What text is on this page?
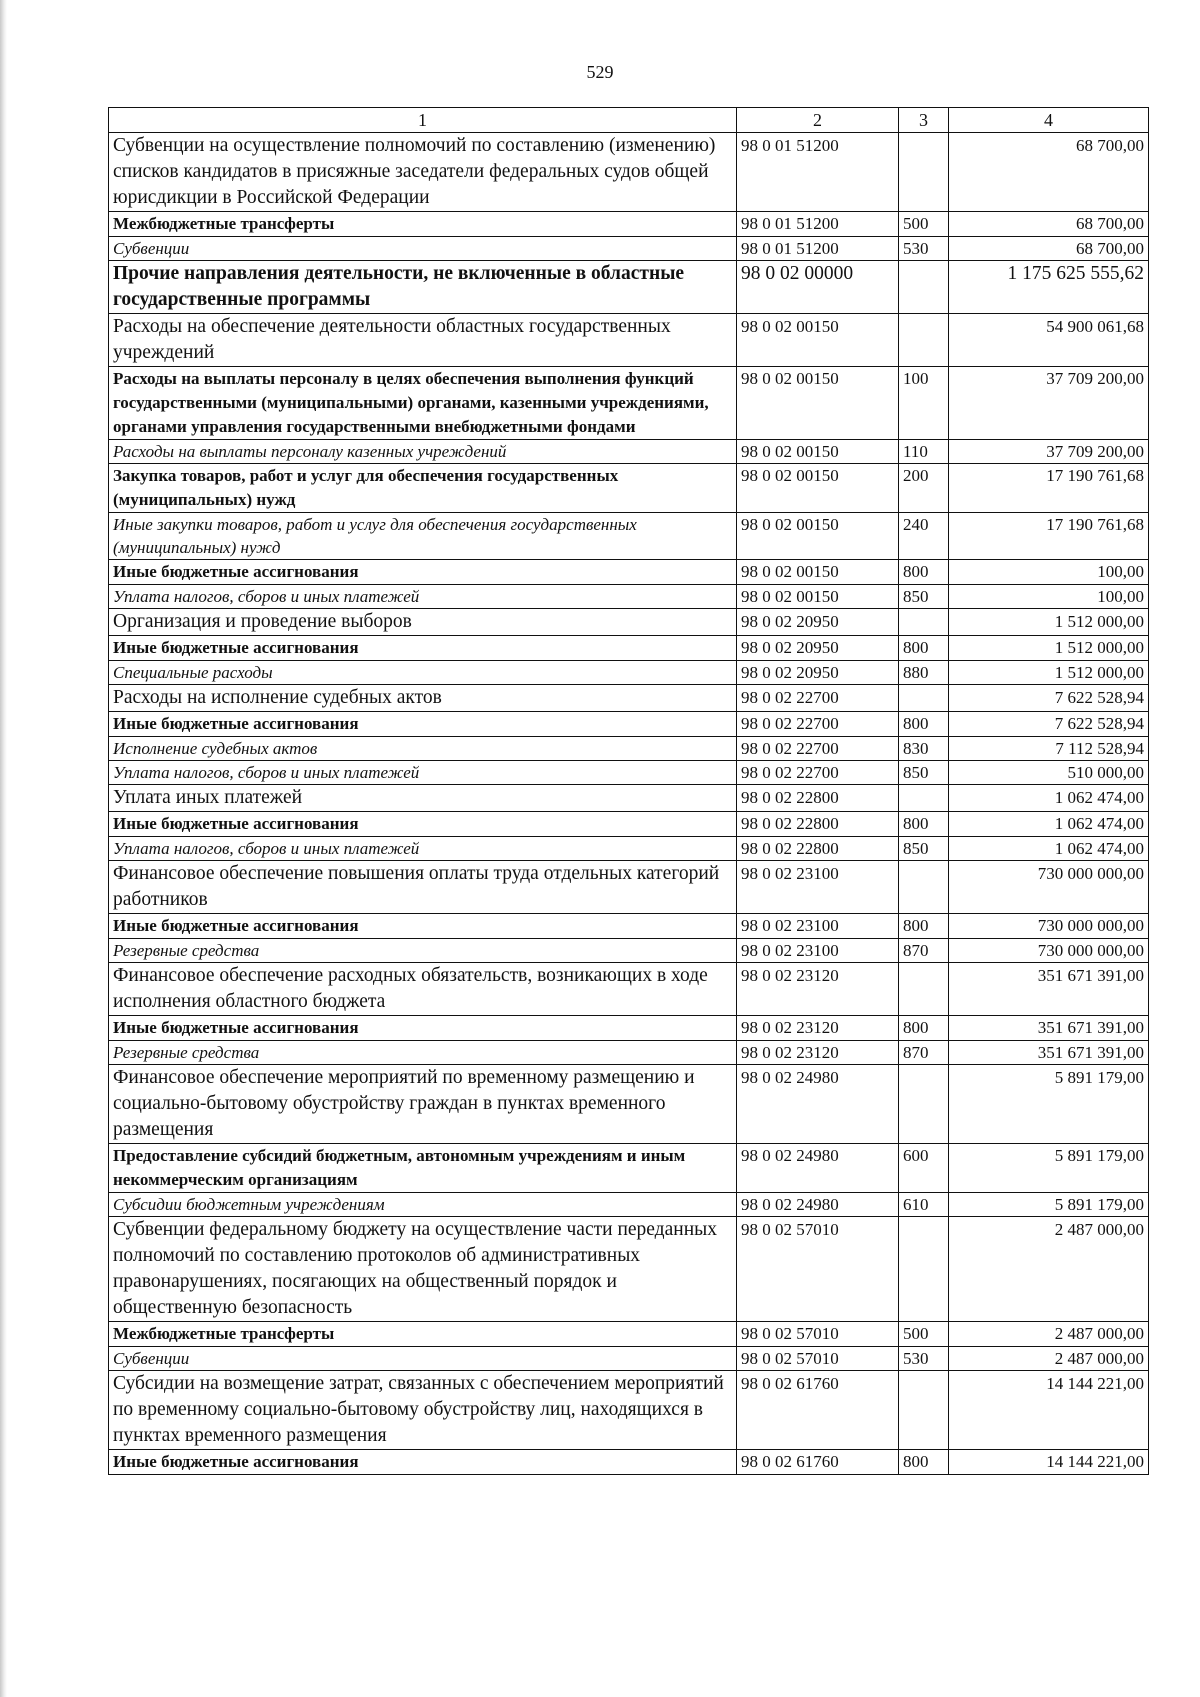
529
1	2	3	4
Субвенции на осуществление полномочий по составлению (изменению) списков кандидатов в присяжные заседатели федеральных судов общей юрисдикции в Российской Федерации	98 0 01 51200		68 700,00
Межбюджетные трансферты	98 0 01 51200	500	68 700,00
Субвенции	98 0 01 51200	530	68 700,00
Прочие направления деятельности, не включенные в областные государственные программы	98 0 02 00000		1 175 625 555,62
Расходы на обеспечение деятельности областных государственных учреждений	98 0 02 00150		54 900 061,68
Расходы на выплаты персоналу в целях обеспечения выполнения функций государственными (муниципальными) органами, казенными учреждениями, органами управления государственными внебюджетными фондами	98 0 02 00150	100	37 709 200,00
Расходы на выплаты персоналу казенных учреждений	98 0 02 00150	110	37 709 200,00
Закупка товаров, работ и услуг для обеспечения государственных (муниципальных) нужд	98 0 02 00150	200	17 190 761,68
Иные закупки товаров, работ и услуг для обеспечения государственных (муниципальных) нужд	98 0 02 00150	240	17 190 761,68
Иные бюджетные ассигнования	98 0 02 00150	800	100,00
Уплата налогов, сборов и иных платежей	98 0 02 00150	850	100,00
Организация и проведение выборов	98 0 02 20950		1 512 000,00
Иные бюджетные ассигнования	98 0 02 20950	800	1 512 000,00
Специальные расходы	98 0 02 20950	880	1 512 000,00
Расходы на исполнение судебных актов	98 0 02 22700		7 622 528,94
Иные бюджетные ассигнования	98 0 02 22700	800	7 622 528,94
Исполнение судебных актов	98 0 02 22700	830	7 112 528,94
Уплата налогов, сборов и иных платежей	98 0 02 22700	850	510 000,00
Уплата иных платежей	98 0 02 22800		1 062 474,00
Иные бюджетные ассигнования	98 0 02 22800	800	1 062 474,00
Уплата налогов, сборов и иных платежей	98 0 02 22800	850	1 062 474,00
Финансовое обеспечение повышения оплаты труда отдельных категорий работников	98 0 02 23100		730 000 000,00
Иные бюджетные ассигнования	98 0 02 23100	800	730 000 000,00
Резервные средства	98 0 02 23100	870	730 000 000,00
Финансовое обеспечение расходных обязательств, возникающих в ходе исполнения областного бюджета	98 0 02 23120		351 671 391,00
Иные бюджетные ассигнования	98 0 02 23120	800	351 671 391,00
Резервные средства	98 0 02 23120	870	351 671 391,00
Финансовое обеспечение мероприятий по временному размещению и социально-бытовому обустройству граждан в пунктах временного размещения	98 0 02 24980		5 891 179,00
Предоставление субсидий бюджетным, автономным учреждениям и иным некоммерческим организациям	98 0 02 24980	600	5 891 179,00
Субсидии бюджетным учреждениям	98 0 02 24980	610	5 891 179,00
Субвенции федеральному бюджету на осуществление части переданных полномочий по составлению протоколов об административных правонарушениях, посягающих на общественный порядок и общественную безопасность	98 0 02 57010		2 487 000,00
Межбюджетные трансферты	98 0 02 57010	500	2 487 000,00
Субвенции	98 0 02 57010	530	2 487 000,00
Субсидии на возмещение затрат, связанных с обеспечением мероприятий по временному социально-бытовому обустройству лиц, находящихся в пунктах временного размещения	98 0 02 61760		14 144 221,00
Иные бюджетные ассигнования	98 0 02 61760	800	14 144 221,00
